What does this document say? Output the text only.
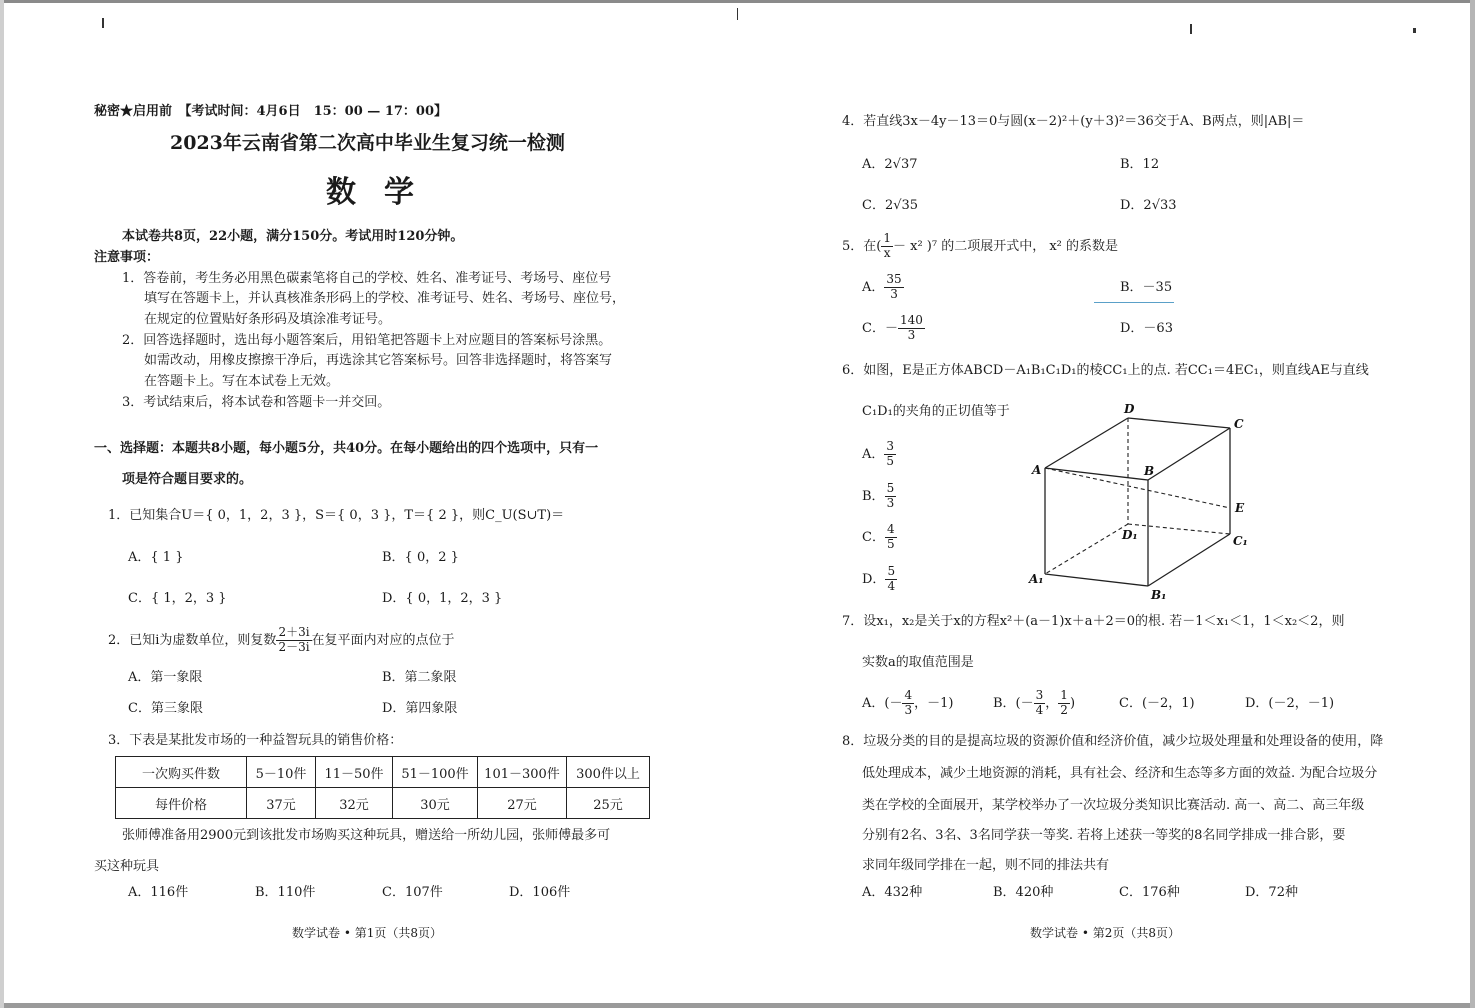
秘密★启用前　【考试时间：4月6日　15：00 — 17：00】
2023年云南省第二次高中毕业生复习统一检测
数学
本试卷共8页，22小题，满分150分。考试用时120分钟。
注意事项：
1．答卷前，考生务必用黑色碳素笔将自己的学校、姓名、准考证号、考场号、座位号
填写在答题卡上，并认真核准条形码上的学校、准考证号、姓名、考场号、座位号，
在规定的位置贴好条形码及填涂准考证号。
2．回答选择题时，选出每小题答案后，用铅笔把答题卡上对应题目的答案标号涂黑。
如需改动，用橡皮擦擦干净后，再选涂其它答案标号。回答非选择题时，将答案写
在答题卡上。写在本试卷上无效。
3．考试结束后，将本试卷和答题卡一并交回。
一、选择题：本题共8小题，每小题5分，共40分。在每小题给出的四个选项中，只有一
项是符合题目要求的。
1．已知集合U＝{ 0，1，2，3 }，S＝{ 0，3 }，T＝{ 2 }，则C_U(S∪T)＝
A．{ 1 }	B．{ 0，2 }
C．{ 1，2，3 }	D．{ 0，1，2，3 }
2．已知i为虚数单位，则复数 $\frac{2+3i}{2-3i}$ 在复平面内对应的点位于
A．第一象限	B．第二象限
C．第三象限	D．第四象限
3．下表是某批发市场的一种益智玩具的销售价格：
一次购买件数	5－10件	11－50件	51－100件	101－300件	300件以上
每件价格	37元	32元	30元	27元	25元
张师傅准备用2900元到该批发市场购买这种玩具，赠送给一所幼儿园，张师傅最多可
买这种玩具
A．116件	B．110件	C．107件	D．106件
数学试卷 • 第1页（共8页）
4．若直线3x－4y－13＝0与圆(x－2)²＋(y＋3)²＝36交于A、B两点，则|AB|＝
A．2√37	B．12
C．2√35	D．2√33
5．在( $\frac{1}{x} - x^2$ )⁷ 的二项展开式中， x² 的系数是
A． $\frac{35}{3}$	B．－35
C．－ $\frac{140}{3}$	D．－63
6．如图，E是正方体ABCD－A₁B₁C₁D₁的棱CC₁上的点. 若CC₁＝4EC₁，则直线AE与直线
C₁D₁的夹角的正切值等于
A． $\frac{3}{5}$
B． $\frac{5}{3}$
C． $\frac{4}{5}$
D． $\frac{5}{4}$
D
C
A	B
E
D₁	C₁
A₁
B₁
7．设x₁，x₂是关于x的方程x²＋(a－1)x＋a＋2＝0的根. 若－1＜x₁＜1，1＜x₂＜2，则
实数a的取值范围是
A．(－ $\frac{4}{3}$ ，－1)	B．(－ $\frac{3}{4}$ ， $\frac{1}{2}$ )	C．(－2，1)	D．(－2，－1)
8．垃圾分类的目的是提高垃圾的资源价值和经济价值，减少垃圾处理量和处理设备的使用，降
低处理成本，减少土地资源的消耗，具有社会、经济和生态等多方面的效益. 为配合垃圾分
类在学校的全面展开，某学校举办了一次垃圾分类知识比赛活动. 高一、高二、高三年级
分别有2名、3名、3名同学获一等奖. 若将上述获一等奖的8名同学排成一排合影，要
求同年级同学排在一起，则不同的排法共有
A．432种	B．420种	C．176种	D．72种
数学试卷 • 第2页（共8页）
